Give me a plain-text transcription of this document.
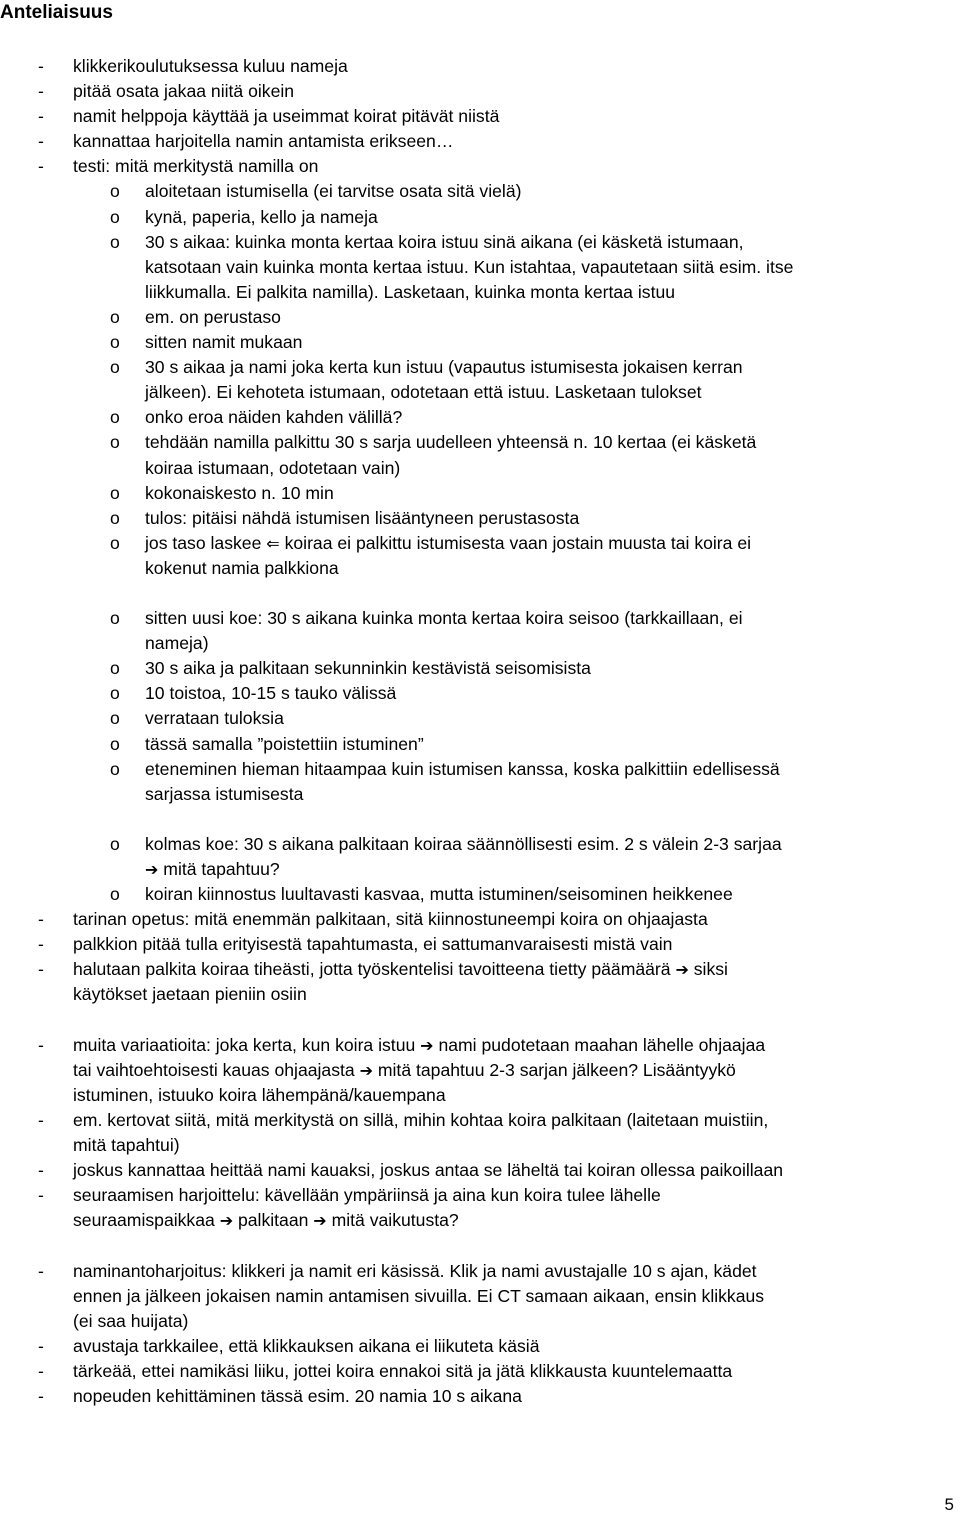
Anteliaisuus
- klikkerikoulutuksessa kuluu nameja
- pitää osata jakaa niitä oikein
- namit helppoja käyttää ja useimmat koirat pitävät niistä
- kannattaa harjoitella namin antamista erikseen…
- testi: mitä merkitystä namilla on
o aloitetaan istumisella (ei tarvitse osata sitä vielä)
o kynä, paperia, kello ja nameja
o 30 s aikaa: kuinka monta kertaa koira istuu sinä aikana (ei käsketä istumaan,
katsotaan vain kuinka monta kertaa istuu. Kun istahtaa, vapautetaan siitä esim. itse
liikkumalla. Ei palkita namilla). Lasketaan, kuinka monta kertaa istuu
o em. on perustaso
o sitten namit mukaan
o 30 s aikaa ja nami joka kerta kun istuu (vapautus istumisesta jokaisen kerran
jälkeen). Ei kehoteta istumaan, odotetaan että istuu. Lasketaan tulokset
o onko eroa näiden kahden välillä?
o tehdään namilla palkittu 30 s sarja uudelleen yhteensä n. 10 kertaa (ei käsketä
koiraa istumaan, odotetaan vain)
o kokonaiskesto n. 10 min
o tulos: pitäisi nähdä istumisen lisääntyneen perustasosta
o jos taso laskee ⇐ koiraa ei palkittu istumisesta vaan jostain muusta tai koira ei
kokenut namia palkkiona
o sitten uusi koe: 30 s aikana kuinka monta kertaa koira seisoo (tarkkaillaan, ei
nameja)
o 30 s aika ja palkitaan sekunninkin kestävistä seisomisista
o 10 toistoa, 10-15 s tauko välissä
o verrataan tuloksia
o tässä samalla ”poistettiin istuminen”
o eteneminen hieman hitaampaa kuin istumisen kanssa, koska palkittiin edellisessä
sarjassa istumisesta
o kolmas koe: 30 s aikana palkitaan koiraa säännöllisesti esim. 2 s välein 2-3 sarjaa
➔ mitä tapahtuu?
o koiran kiinnostus luultavasti kasvaa, mutta istuminen/seisominen heikkenee
- tarinan opetus: mitä enemmän palkitaan, sitä kiinnostuneempi koira on ohjaajasta
- palkkion pitää tulla erityisestä tapahtumasta, ei sattumanvaraisesti mistä vain
- halutaan palkita koiraa tiheästi, jotta työskentelisi tavoitteena tietty päämäärä ➔ siksi
käytökset jaetaan pieniin osiin
- muita variaatioita: joka kerta, kun koira istuu ➔ nami pudotetaan maahan lähelle ohjaajaa
tai vaihtoehtoisesti kauas ohjaajasta ➔ mitä tapahtuu 2-3 sarjan jälkeen? Lisääntyykö
istuminen, istuuko koira lähempänä/kauempana
- em. kertovat siitä, mitä merkitystä on sillä, mihin kohtaa koira palkitaan (laitetaan muistiin,
mitä tapahtui)
- joskus kannattaa heittää nami kauaksi, joskus antaa se läheltä tai koiran ollessa paikoillaan
- seuraamisen harjoittelu: kävellään ympäriinsä ja aina kun koira tulee lähelle
seuraamispaikkaa ➔ palkitaan ➔ mitä vaikutusta?
- naminantoharjoitus: klikkeri ja namit eri käsissä. Klik ja nami avustajalle 10 s ajan, kädet
ennen ja jälkeen jokaisen namin antamisen sivuilla. Ei CT samaan aikaan, ensin klikkaus
(ei saa huijata)
- avustaja tarkkailee, että klikkauksen aikana ei liikuteta käsiä
- tärkeää, ettei namikäsi liiku, jottei koira ennakoi sitä ja jätä klikkausta kuuntelemaatta
- nopeuden kehittäminen tässä esim. 20 namia 10 s aikana
5
